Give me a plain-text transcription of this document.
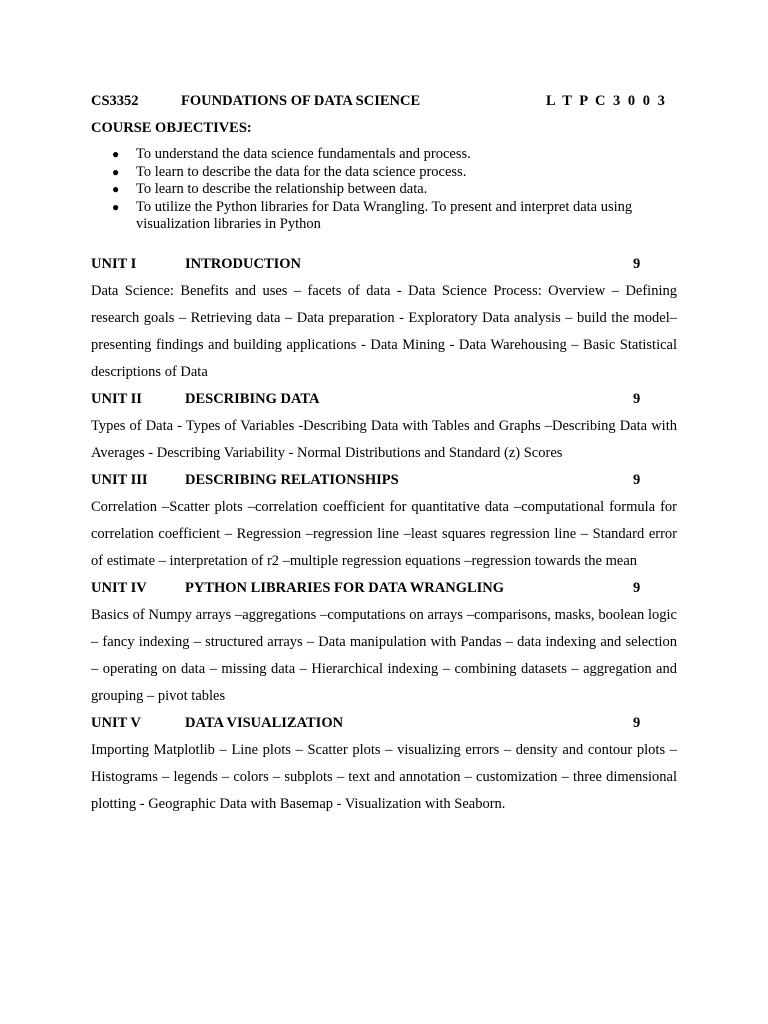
CS3352	FOUNDATIONS OF DATA SCIENCE	L T P C 3 0 0 3
COURSE OBJECTIVES:
● To understand the data science fundamentals and process.
● To learn to describe the data for the data science process.
● To learn to describe the relationship between data.
● To utilize the Python libraries for Data Wrangling. To present and interpret data using visualization libraries in Python
UNIT I	INTRODUCTION	9
Data Science: Benefits and uses – facets of data - Data Science Process: Overview – Defining research goals – Retrieving data – Data preparation - Exploratory Data analysis – build the model– presenting findings and building applications - Data Mining - Data Warehousing – Basic Statistical descriptions of Data
UNIT II	DESCRIBING DATA	9
Types of Data - Types of Variables -Describing Data with Tables and Graphs –Describing Data with Averages - Describing Variability - Normal Distributions and Standard (z) Scores
UNIT III	DESCRIBING RELATIONSHIPS	9
Correlation –Scatter plots –correlation coefficient for quantitative data –computational formula for correlation coefficient – Regression –regression line –least squares regression line – Standard error of estimate – interpretation of r2 –multiple regression equations –regression towards the mean
UNIT IV	PYTHON LIBRARIES FOR DATA WRANGLING	9
Basics of Numpy arrays –aggregations –computations on arrays –comparisons, masks, boolean logic – fancy indexing – structured arrays – Data manipulation with Pandas – data indexing and selection – operating on data – missing data – Hierarchical indexing – combining datasets – aggregation and grouping – pivot tables
UNIT V	DATA VISUALIZATION	9
Importing Matplotlib – Line plots – Scatter plots – visualizing errors – density and contour plots – Histograms – legends – colors – subplots – text and annotation – customization – three dimensional plotting - Geographic Data with Basemap - Visualization with Seaborn.
